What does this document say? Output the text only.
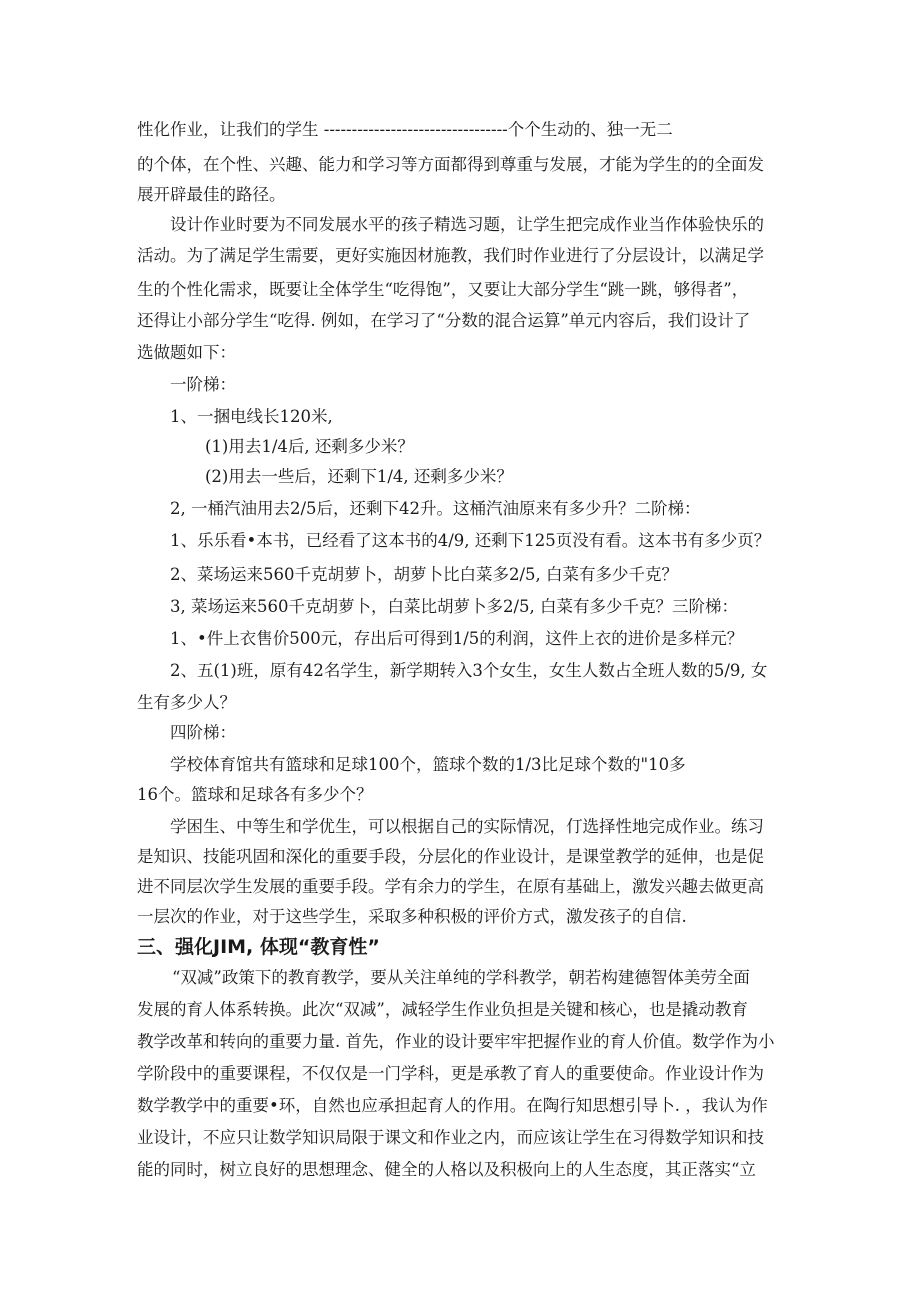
性化作业，让我们的学生 ---------------------------------个个生动的、独一无二
的个体，在个性、兴趣、能力和学习等方面都得到尊重与发展，才能为学生的的全面发
展开辟最佳的路径。
设计作业时要为不同发展水平的孩子精选习题，让学生把完成作业当作体验快乐的
活动。为了满足学生需要，更好实施因材施教，我们时作业进行了分层设计，以满足学
生的个性化需求，既要让全体学生“吃得饱”，又要让大部分学生“跳一跳，够得者”，
还得让小部分学生“吃得. 例如，在学习了“分数的混合运算”单元内容后，我们设计了
选做题如下：
一阶梯：
1、一捆电线长120米,
(1)用去1/4后, 还剩多少米？
(2)用去一些后，还剩下1/4, 还剩多少米？
2, 一桶汽油用去2/5后，还剩下42升。这桶汽油原来有多少升？二阶梯：
1、乐乐看•本书，已经看了这本书的4/9, 还剩下125页没有看。这本书有多少页？
2、菜场运来560千克胡萝卜，胡萝卜比白菜多2/5, 白菜有多少千克？
3, 菜场运来560千克胡萝卜，白菜比胡萝卜多2/5, 白菜有多少千克？三阶梯：
1、•件上衣售价500元，存出后可得到1/5的利润，这件上衣的进价是多样元？
2、五(1)班，原有42名学生，新学期转入3个女生，女生人数占全班人数的5/9, 女
生有多少人？
四阶梯：
学校体育馆共有篮球和足球100个，篮球个数的1/3比足球个数的"10多
16个。篮球和足球各有多少个？
学困生、中等生和学优生，可以根据自己的实际情况，仃选择性地完成作业。练习
是知识、技能巩固和深化的重要手段，分层化的作业设计，是课堂教学的延伸，也是促
进不同层次学生发展的重要手段。学有余力的学生，在原有基础上，激发兴趣去做更高
一层次的作业，对于这些学生，采取多种积极的评价方式，激发孩子的自信.
三、强化JIM, 体现“教育性”
“双减”政策下的教育教学，要从关注单纯的学科教学，朝若构建德智体美劳全面
发展的育人体系转换。此次“双减”，减轻学生作业负担是关键和核心，也是撬动教育
教学改革和转向的重要力量. 首先，作业的设计要牢牢把握作业的育人价值。数学作为小
学阶段中的重要课程，不仅仅是一门学科，更是承教了育人的重要使命。作业设计作为
数学教学中的重要•环，自然也应承担起育人的作用。在陶行知思想引导卜. ，我认为作
业设计，不应只让数学知识局限于课文和作业之内，而应该让学生在习得数学知识和技
能的同时，树立良好的思想理念、健全的人格以及积极向上的人生态度，其正落实“立
